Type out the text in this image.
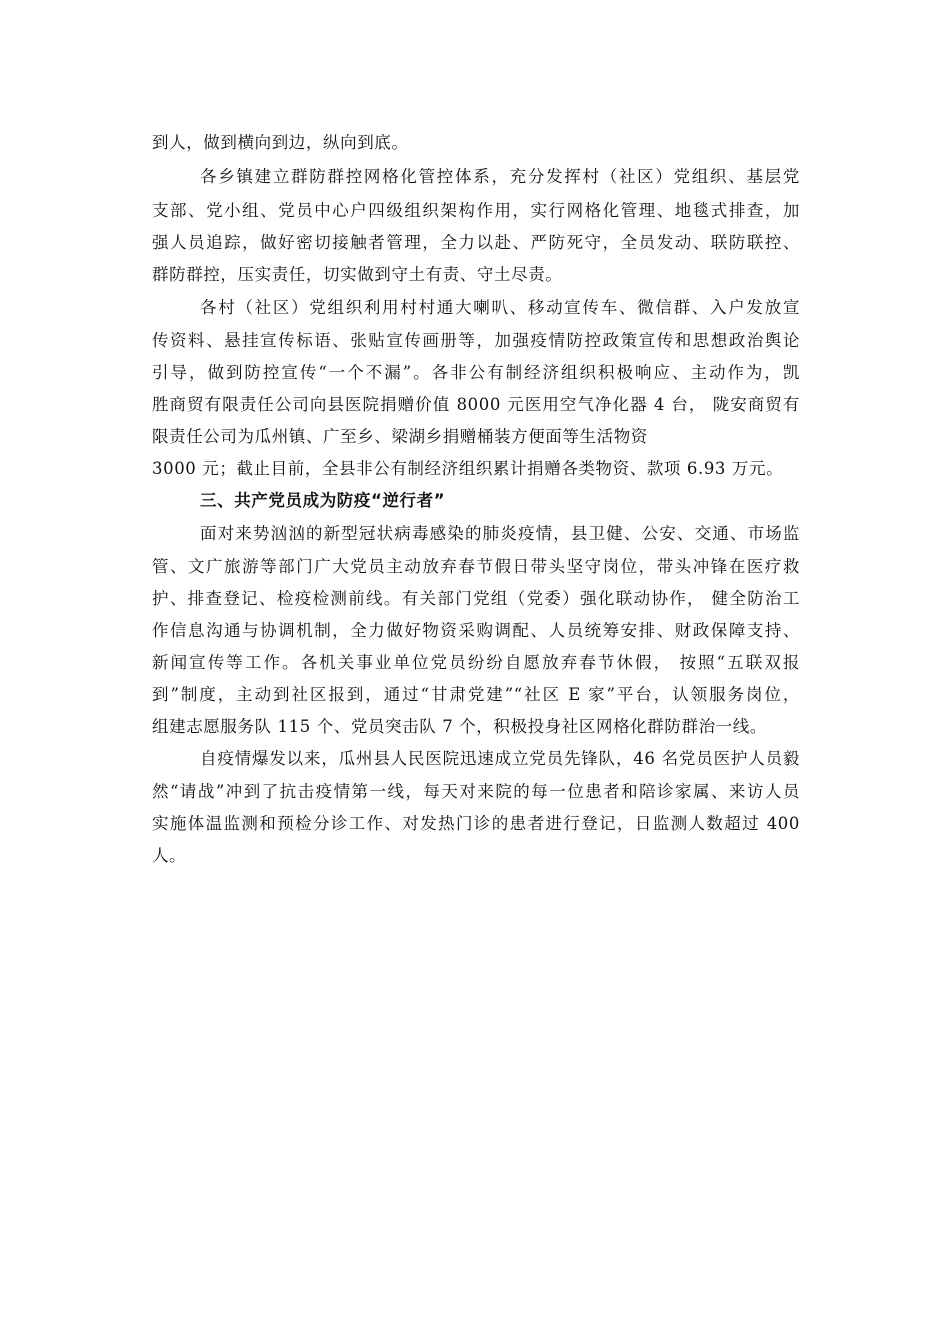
到人，做到横向到边，纵向到底。
各乡镇建立群防群控网格化管控体系，充分发挥村（社区）党组织、基层党
支部、党小组、党员中心户四级组织架构作用，实行网格化管理、地毯式排查，加
强人员追踪，做好密切接触者管理，全力以赴、严防死守，全员发动、联防联控、
群防群控，压实责任，切实做到守土有责、守土尽责。
各村（社区）党组织利用村村通大喇叭、移动宣传车、微信群、入户发放宣
传资料、悬挂宣传标语、张贴宣传画册等，加强疫情防控政策宣传和思想政治舆论
引导，做到防控宣传“一个不漏”。各非公有制经济组织积极响应、主动作为，凯
胜商贸有限责任公司向县医院捐赠价值 8000 元医用空气净化器 4 台， 陇安商贸有
限责任公司为瓜州镇、广至乡、梁湖乡捐赠桶装方便面等生活物资
3000 元；截止目前，全县非公有制经济组织累计捐赠各类物资、款项 6.93 万元。
三、共产党员成为防疫“逆行者”
面对来势汹汹的新型冠状病毒感染的肺炎疫情，县卫健、公安、交通、市场监
管、文广旅游等部门广大党员主动放弃春节假日带头坚守岗位，带头冲锋在医疗救
护、排查登记、检疫检测前线。有关部门党组（党委）强化联动协作， 健全防治工
作信息沟通与协调机制，全力做好物资采购调配、人员统筹安排、财政保障支持、
新闻宣传等工作。各机关事业单位党员纷纷自愿放弃春节休假， 按照“五联双报
到”制度，主动到社区报到，通过“甘肃党建”“社区 E 家”平台，认领服务岗位，
组建志愿服务队 115 个、党员突击队 7 个，积极投身社区网格化群防群治一线。
自疫情爆发以来，瓜州县人民医院迅速成立党员先锋队，46 名党员医护人员毅
然“请战”冲到了抗击疫情第一线，每天对来院的每一位患者和陪诊家属、来访人员
实施体温监测和预检分诊工作、对发热门诊的患者进行登记，日监测人数超过 400
人。
